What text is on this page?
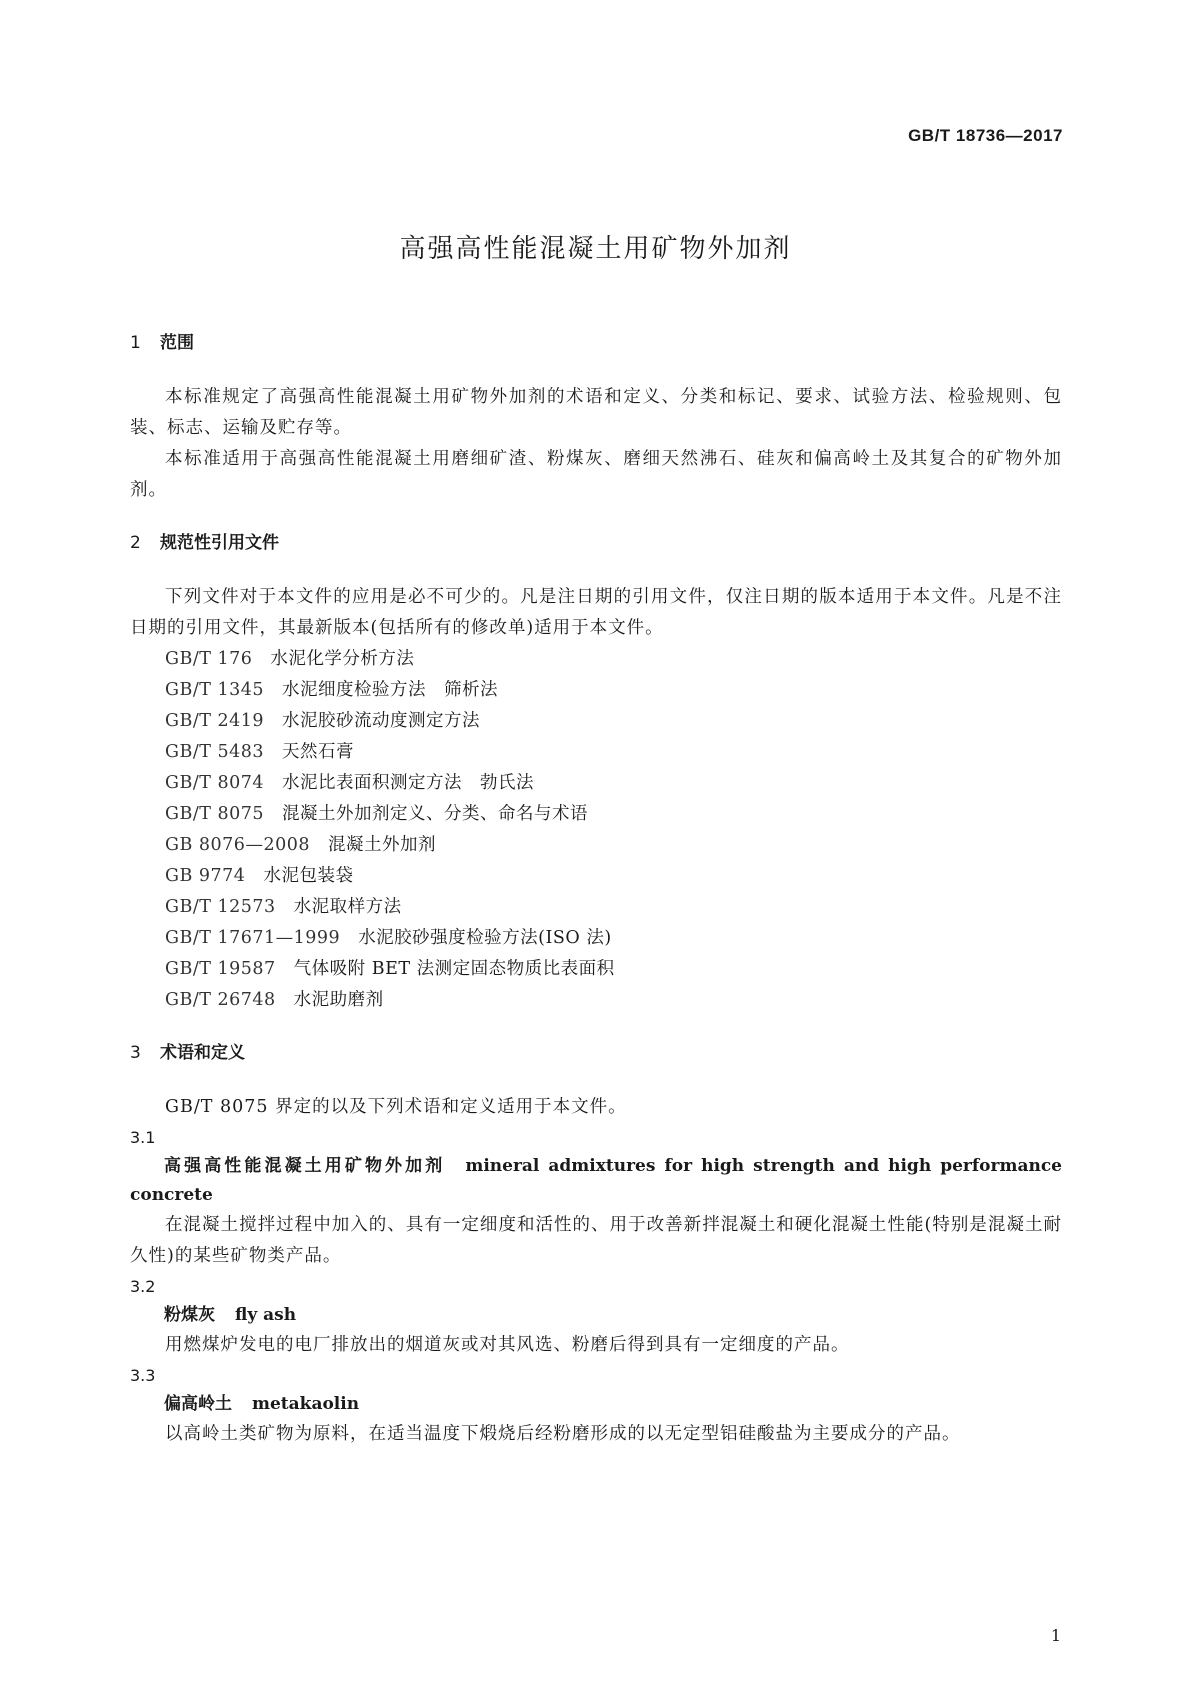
GB/T 18736—2017
高强高性能混凝土用矿物外加剂
1 范围

本标准规定了高强高性能混凝土用矿物外加剂的术语和定义、分类和标记、要求、试验方法、检验规则、包装、标志、运输及贮存等。

本标准适用于高强高性能混凝土用磨细矿渣、粉煤灰、磨细天然沸石、硅灰和偏高岭土及其复合的矿物外加剂。

2 规范性引用文件

下列文件对于本文件的应用是必不可少的。凡是注日期的引用文件，仅注日期的版本适用于本文件。凡是不注日期的引用文件，其最新版本(包括所有的修改单)适用于本文件。

GB/T 176 水泥化学分析方法

GB/T 1345 水泥细度检验方法　筛析法

GB/T 2419 水泥胶砂流动度测定方法

GB/T 5483 天然石膏

GB/T 8074 水泥比表面积测定方法　勃氏法

GB/T 8075 混凝土外加剂定义、分类、命名与术语

GB 8076—2008 混凝土外加剂

GB 9774 水泥包装袋

GB/T 12573 水泥取样方法

GB/T 17671—1999 水泥胶砂强度检验方法(ISO 法)

GB/T 19587 气体吸附 BET 法测定固态物质比表面积

GB/T 26748 水泥助磨剂

3 术语和定义

GB/T 8075 界定的以及下列术语和定义适用于本文件。

3.1

高强高性能混凝土用矿物外加剂 mineral admixtures for high strength and high performance concrete

在混凝土搅拌过程中加入的、具有一定细度和活性的、用于改善新拌混凝土和硬化混凝土性能(特别是混凝土耐久性)的某些矿物类产品。

3.2

粉煤灰 fly ash

用燃煤炉发电的电厂排放出的烟道灰或对其风选、粉磨后得到具有一定细度的产品。

3.3

偏高岭土 metakaolin

以高岭土类矿物为原料，在适当温度下煅烧后经粉磨形成的以无定型铝硅酸盐为主要成分的产品。

1
